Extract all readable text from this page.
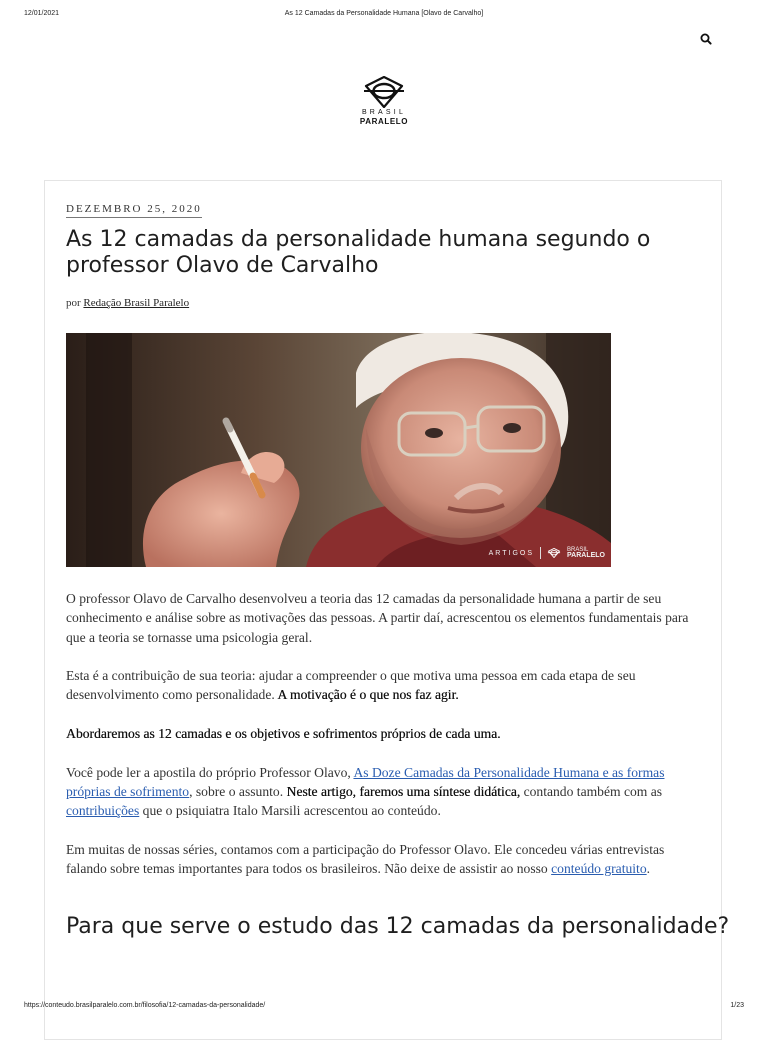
12/01/2021	As 12 Camadas da Personalidade Humana [Olavo de Carvalho]
BRASIL
PARALELO
DEZEMBRO 25, 2020
As 12 camadas da personalidade humana segundo o professor Olavo de Carvalho
por Redação Brasil Paralelo
ARTIGOS	BRASIL
PARALELO

O professor Olavo de Carvalho desenvolveu a teoria das 12 camadas da personalidade humana a partir de seu conhecimento e análise sobre as motivações das pessoas. A partir daí, acrescentou os elementos fundamentais para que a teoria se tornasse uma psicologia geral.

Esta é a contribuição de sua teoria: ajudar a compreender o que motiva uma pessoa em cada etapa de seu desenvolvimento como personalidade. A motivação é o que nos faz agir.

Abordaremos as 12 camadas e os objetivos e sofrimentos próprios de cada uma.

Você pode ler a apostila do próprio Professor Olavo, As Doze Camadas da Personalidade Humana e as formas próprias de sofrimento, sobre o assunto. Neste artigo, faremos uma síntese didática, contando também com as contribuições que o psiquiatra Italo Marsili acrescentou ao conteúdo.

Em muitas de nossas séries, contamos com a participação do Professor Olavo. Ele concedeu várias entrevistas falando sobre temas importantes para todos os brasileiros. Não deixe de assistir ao nosso conteúdo gratuito.

Para que serve o estudo das 12 camadas da personalidade?
https://conteudo.brasilparalelo.com.br/filosofia/12-camadas-da-personalidade/	1/23
